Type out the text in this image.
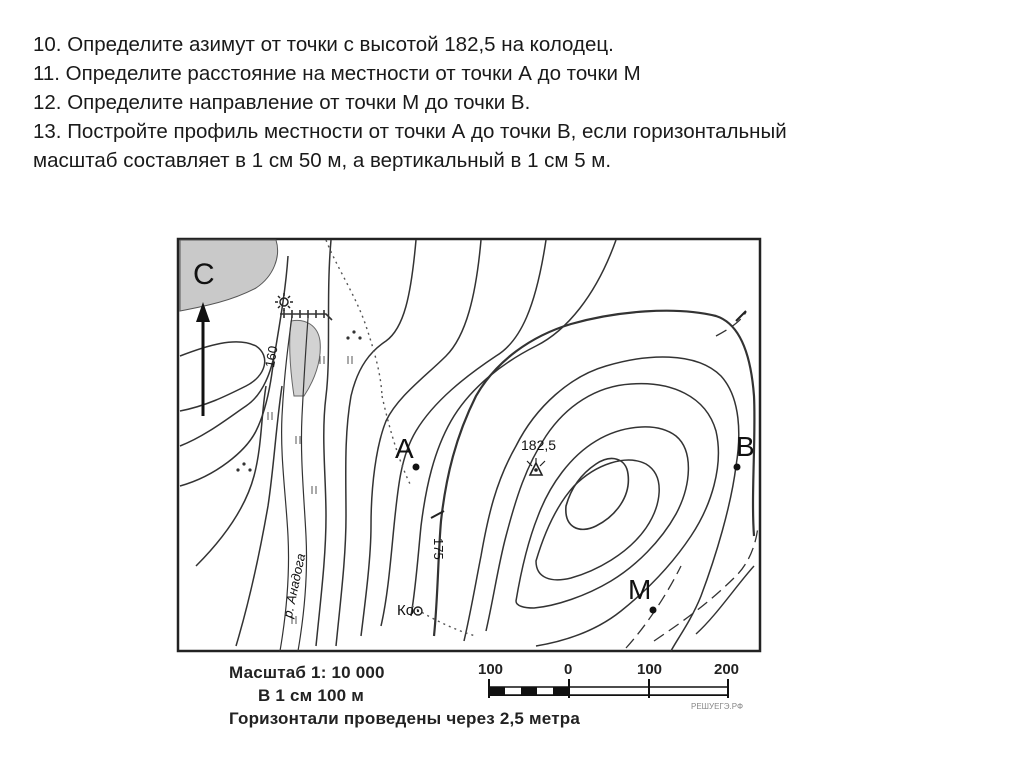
10. Определите азимут от точки с высотой 182,5 на колодец.
11. Определите расстояние на местности от точки А до точки М
12. Определите направление от точки М до точки В.
13. Постройте профиль местности от точки А до точки В, если горизонтальный
масштаб составляет в 1 см 50 м, а вертикальный в 1 см 5 м.
С
А	В
М
182,5
160
175
р. Анадога	Ко
Масштаб 1: 10 000
В 1 см 100 м
Горизонтали проведены через 2,5 метра
100	0	100	200
РЕШУЕГЭ.РФ
